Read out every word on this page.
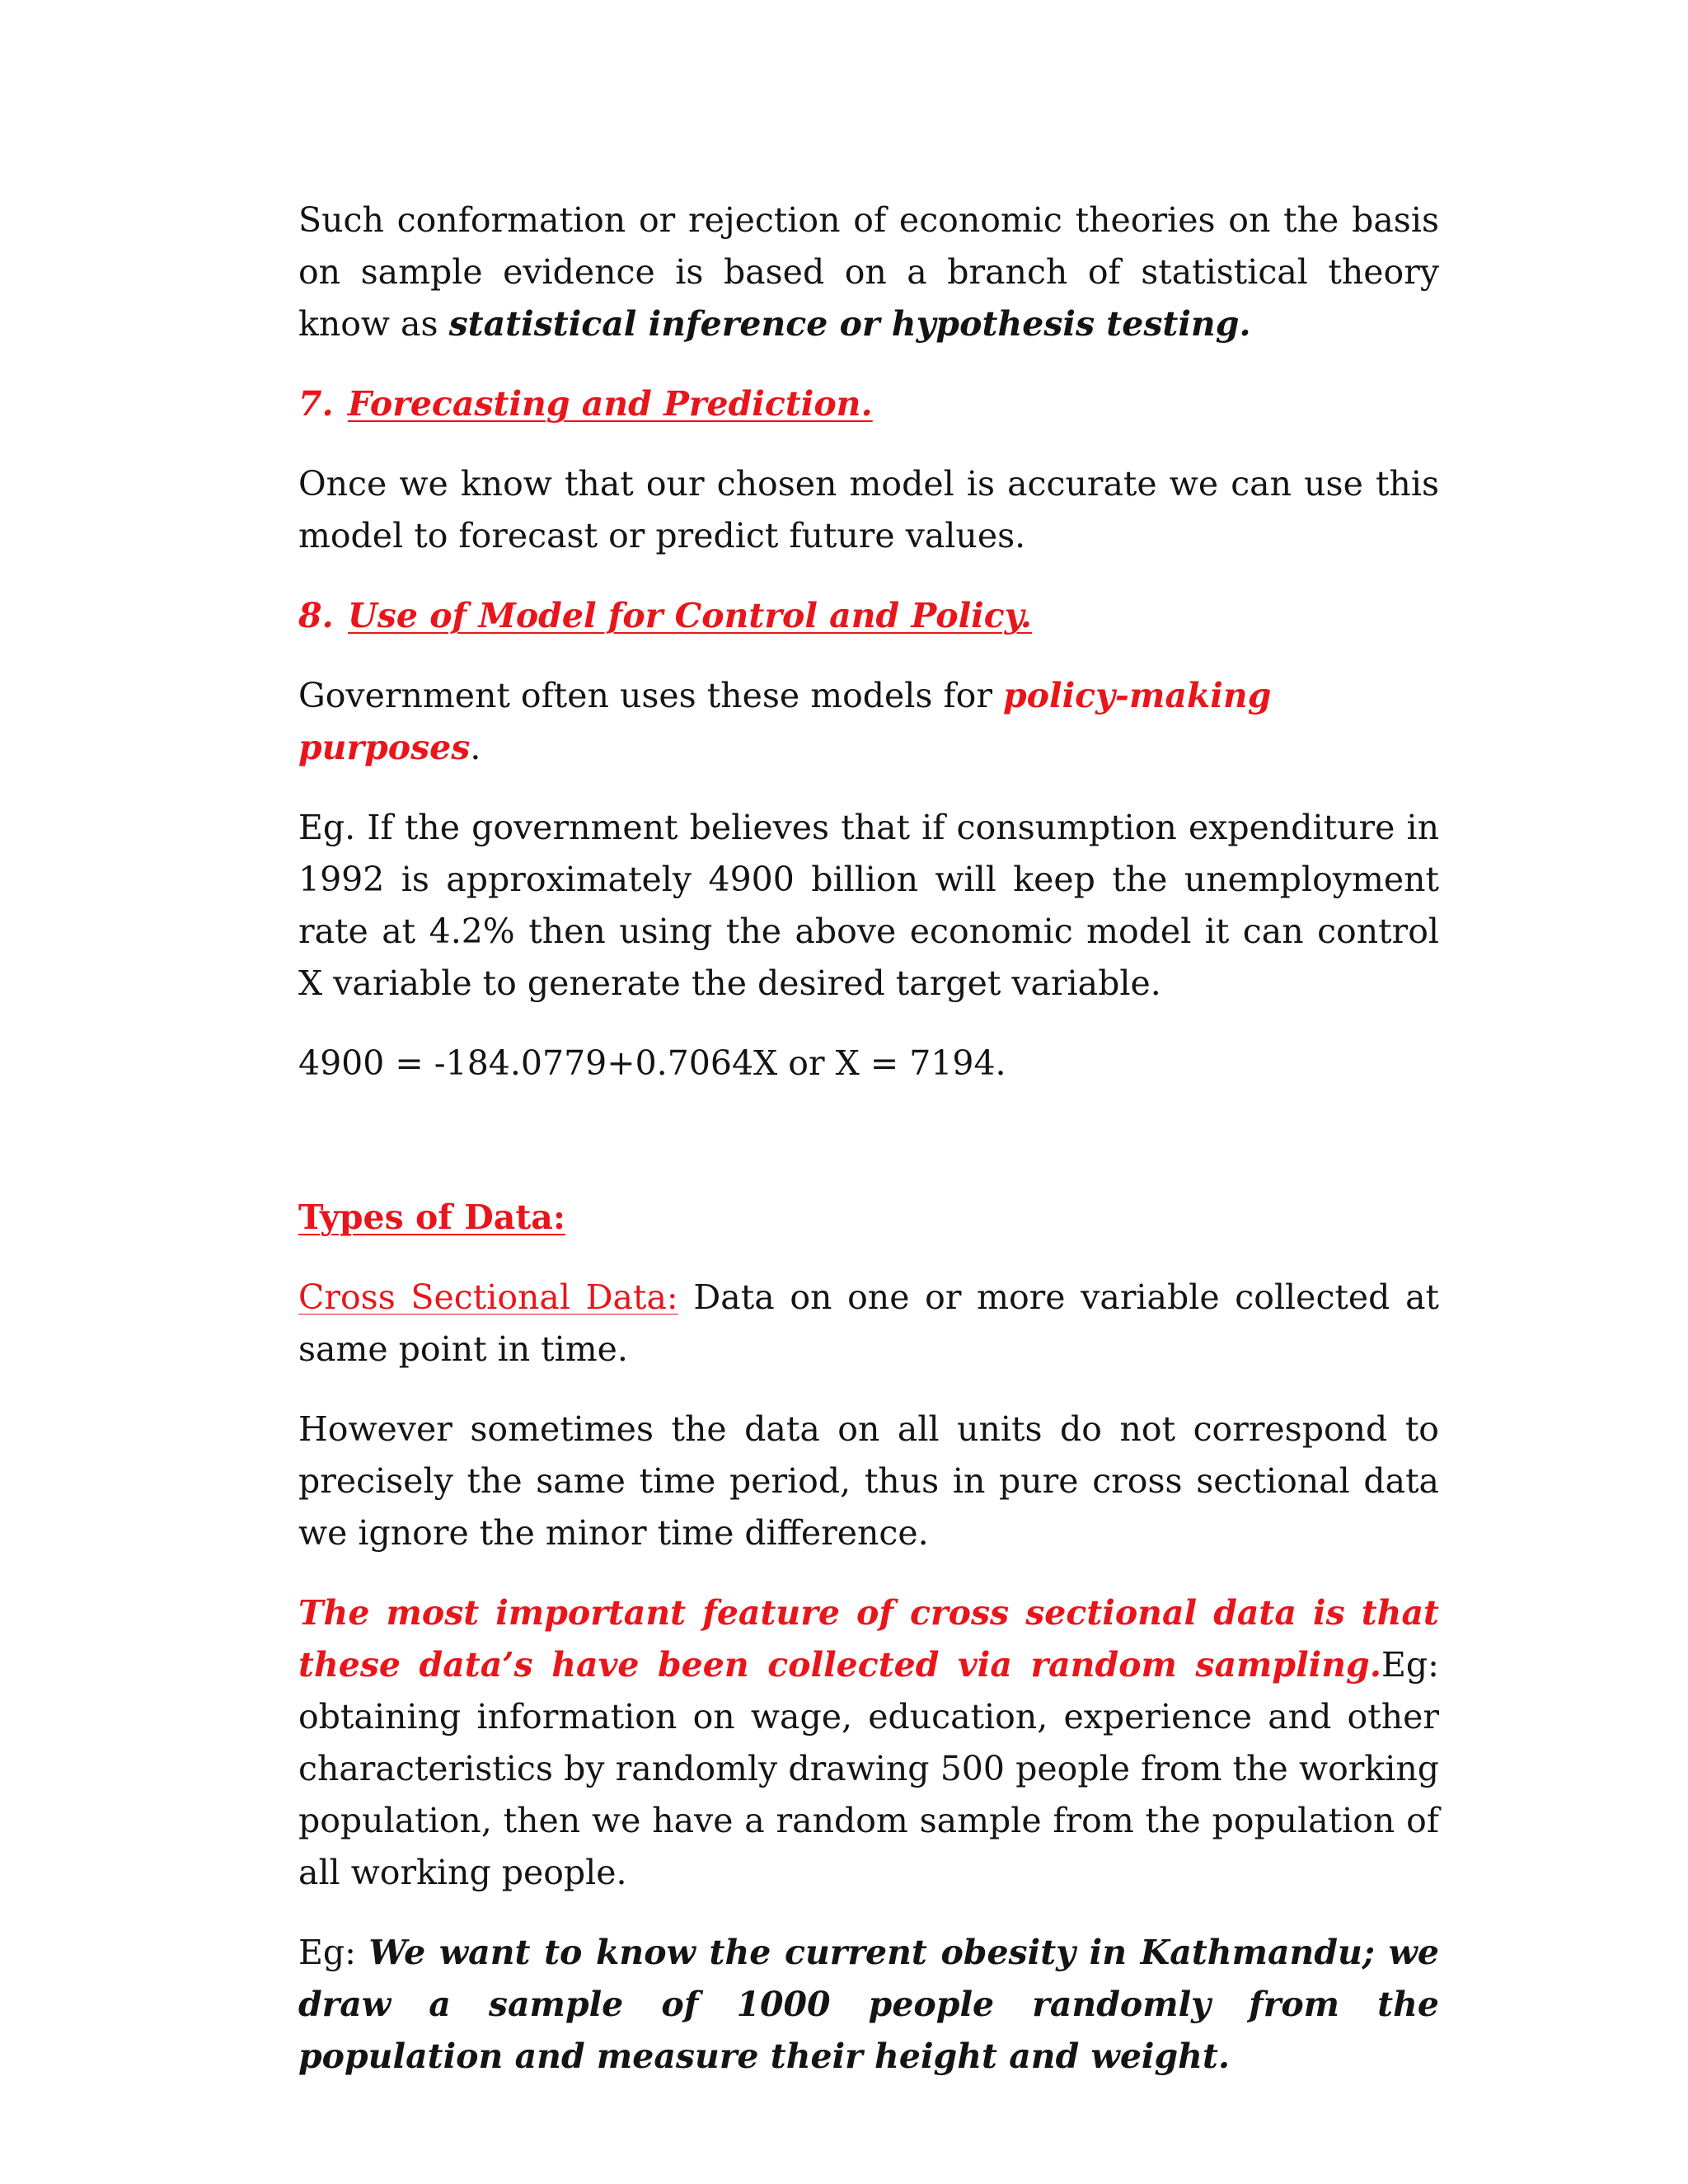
Such conformation or rejection of economic theories on the basis on sample evidence is based on a branch of statistical theory know as statistical inference or hypothesis testing.

7. Forecasting and Prediction.

Once we know that our chosen model is accurate we can use this model to forecast or predict future values.

8. Use of Model for Control and Policy.

Government often uses these models for policy-making purposes.

Eg. If the government believes that if consumption expenditure in 1992 is approximately 4900 billion will keep the unemployment rate at 4.2% then using the above economic model it can control X variable to generate the desired target variable.

4900 = -184.0779+0.7064X or X = 7194.

Types of Data:

Cross Sectional Data: Data on one or more variable collected at same point in time.

However sometimes the data on all units do not correspond to precisely the same time period, thus in pure cross sectional data we ignore the minor time difference.

The most important feature of cross sectional data is that these data’s have been collected via random sampling.Eg: obtaining information on wage, education, experience and other characteristics by randomly drawing 500 people from the working population, then we have a random sample from the population of all working people.

Eg: We want to know the current obesity in Kathmandu; we draw a sample of 1000 people randomly from the population and measure their height and weight.
